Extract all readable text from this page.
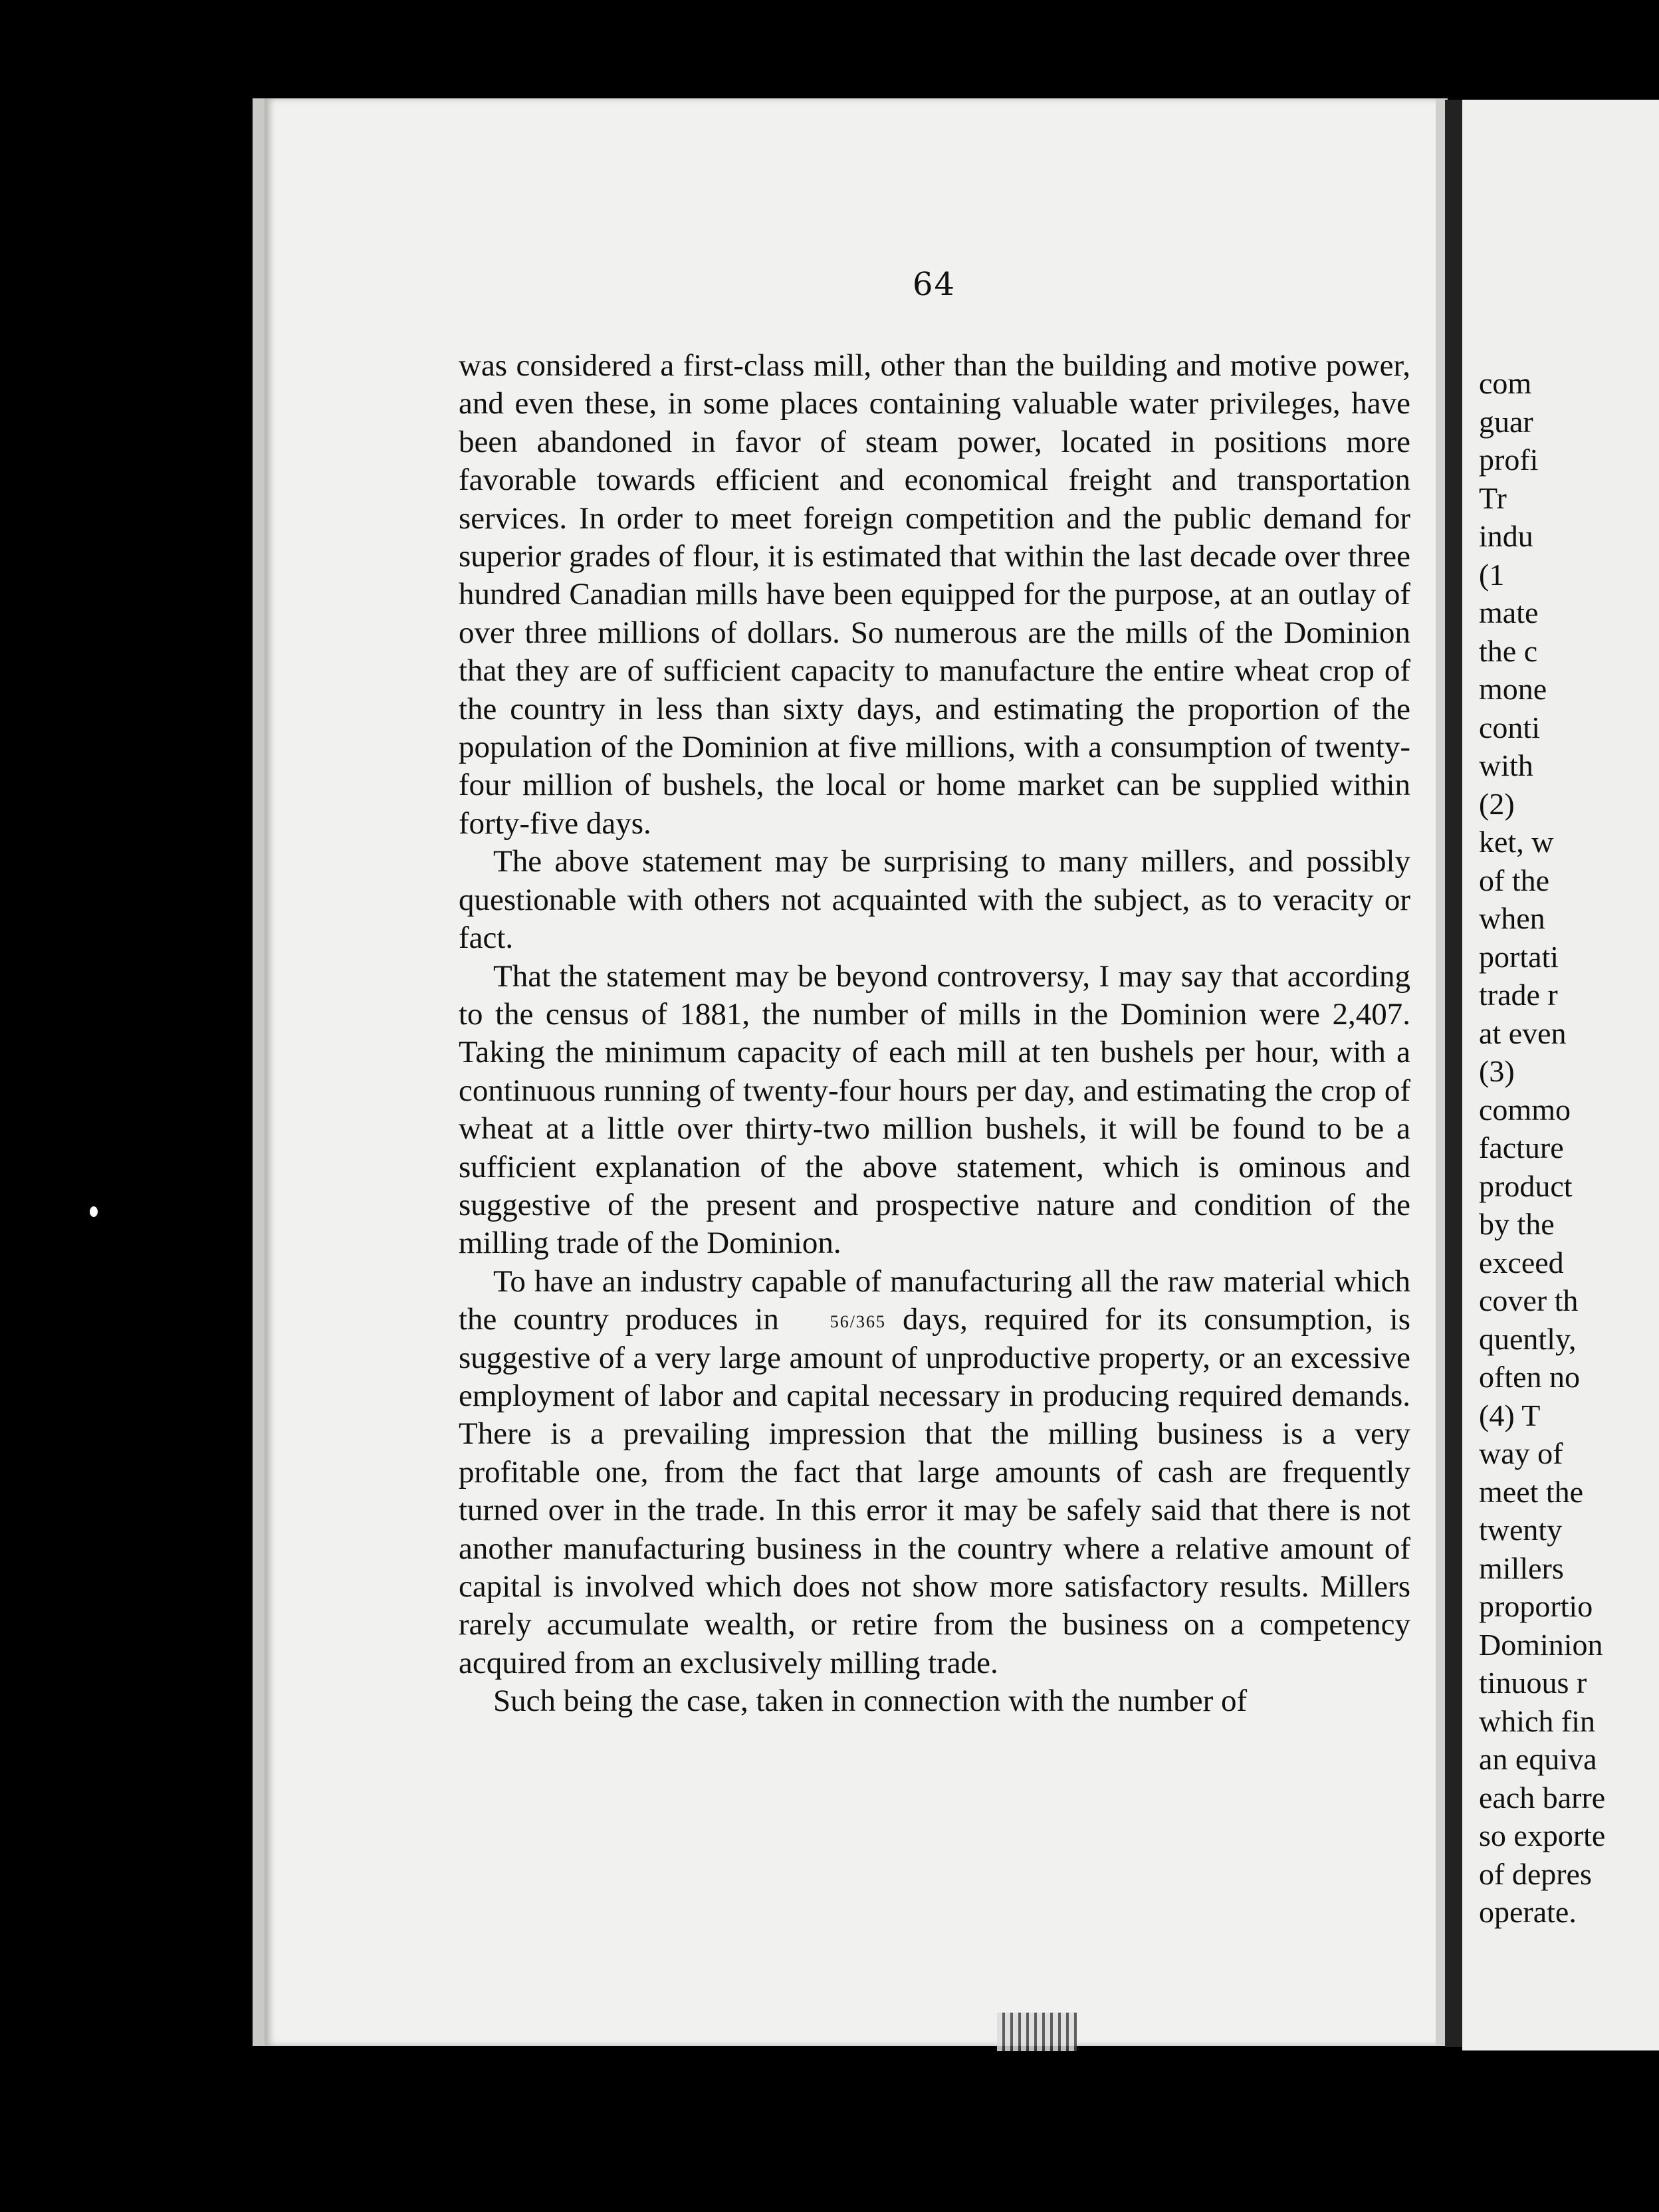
64

was considered a first-class mill, other than the building and motive power, and even these, in some places containing valuable water privileges, have been abandoned in favor of steam power, located in positions more favorable towards efficient and economical freight and transportation services. In order to meet foreign competition and the public demand for superior grades of flour, it is estimated that within the last decade over three hundred Canadian mills have been equipped for the purpose, at an outlay of over three millions of dollars. So numerous are the mills of the Dominion that they are of sufficient capacity to manufacture the entire wheat crop of the country in less than sixty days, and estimating the proportion of the population of the Dominion at five millions, with a consumption of twenty-four million of bushels, the local or home market can be supplied within forty-five days.

The above statement may be surprising to many millers, and possibly questionable with others not acquainted with the subject, as to veracity or fact.

That the statement may be beyond controversy, I may say that according to the census of 1881, the number of mills in the Dominion were 2,407. Taking the minimum capacity of each mill at ten bushels per hour, with a continuous running of twenty-four hours per day, and estimating the crop of wheat at a little over thirty-two million bushels, it will be found to be a sufficient explanation of the above statement, which is ominous and suggestive of the present and prospective nature and condition of the milling trade of the Dominion.

To have an industry capable of manufacturing all the raw material which the country produces in	56/365 days, required for its consumption, is suggestive of a very large amount of unproductive property, or an excessive employment of labor and capital necessary in producing required demands. There is a prevailing impression that the milling business is a very profitable one, from the fact that large amounts of cash are frequently turned over in the trade. In this error it may be safely said that there is not another manufacturing business in the country where a relative amount of capital is involved which does not show more satisfactory results. Millers rarely accumulate wealth, or retire from the business on a competency acquired from an exclusively milling trade.

Such being the case, taken in connection with the number of

com
guar
profi
Tr
indu
(1
mate
the c
mone
conti
with
(2)
ket, w
of the
when
portati
trade r
at even
(3)
commo
facture
product
by the
exceed
cover th
quently,
often no
(4) T
way of
meet the
twenty
millers
proportio
Dominion
tinuous r
which fin
an equiva
each barre
so exporte
of depres
operate.
